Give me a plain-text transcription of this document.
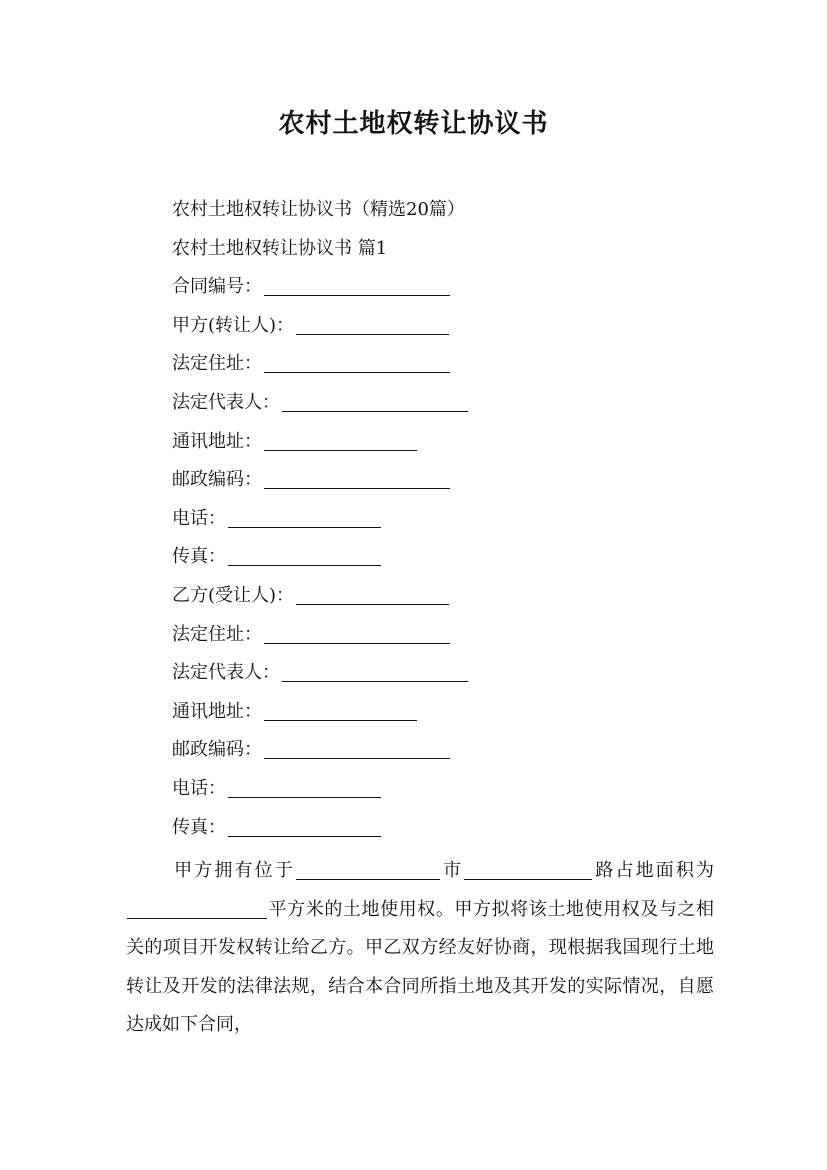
农村土地权转让协议书
农村土地权转让协议书（精选20篇）
农村土地权转让协议书 篇1
合同编号：
甲方(转让人)：
法定住址：
法定代表人：
通讯地址：
邮政编码：
电话：
传真：
乙方(受让人)：
法定住址：
法定代表人：
通讯地址：
邮政编码：
电话：
传真：

甲方拥有位于	市	路占地面积为平方米的土地使用权。甲方拟将该土地使用权及与之相关的项目开发权转让给乙方。甲乙双方经友好协商，现根据我国现行土地转让及开发的法律法规，结合本合同所指土地及其开发的实际情况，自愿达成如下合同，
